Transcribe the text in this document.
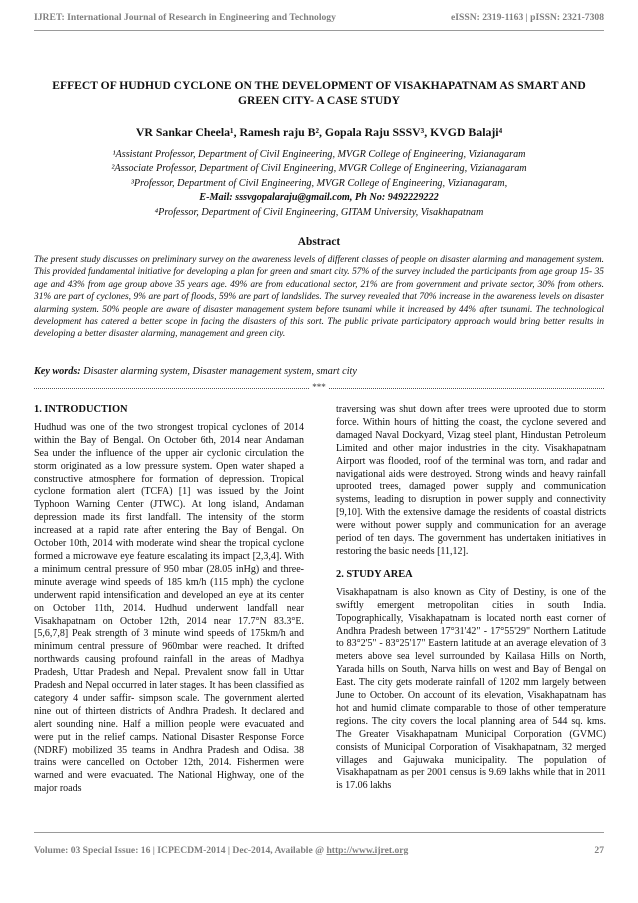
IJRET: International Journal of Research in Engineering and Technology	eISSN: 2319-1163 | pISSN: 2321-7308
EFFECT OF HUDHUD CYCLONE ON THE DEVELOPMENT OF VISAKHAPATNAM AS SMART AND GREEN CITY- A CASE STUDY
VR Sankar Cheela¹, Ramesh raju B², Gopala Raju SSSV³, KVGD Balaji⁴
¹Assistant Professor, Department of Civil Engineering, MVGR College of Engineering, Vizianagaram
²Associate Professor, Department of Civil Engineering, MVGR College of Engineering, Vizianagaram
³Professor, Department of Civil Engineering, MVGR College of Engineering, Vizianagaram,
E-Mail: sssvgopalaraju@gmail.com, Ph No: 9492229222
⁴Professor, Department of Civil Engineering, GITAM University, Visakhapatnam
Abstract
The present study discusses on preliminary survey on the awareness levels of different classes of people on disaster alarming and management system. This provided fundamental initiative for developing a plan for green and smart city. 57% of the survey included the participants from age group 15- 35 age and 43% from age group above 35 years age. 49% are from educational sector, 21% are from government and private sector, 30% from others. 31% are part of cyclones, 9% are part of floods, 59% are part of landslides. The survey revealed that 70% increase in the awareness levels on disaster alarming system. 50% people are aware of disaster management system before tsunami while it increased by 44% after tsunami. The technological development has catered a better scope in facing the disasters of this sort. The public private participatory approach would bring better results in developing a better disaster alarming, management and green city.
Key words: Disaster alarming system, Disaster management system, smart city
***
1. INTRODUCTION

Hudhud was one of the two strongest tropical cyclones of 2014 within the Bay of Bengal. On October 6th, 2014 near Andaman Sea under the influence of the upper air cyclonic circulation the storm originated as a low pressure system. Open water shaped a constructive atmosphere for formation of depression. Tropical cyclone formation alert (TCFA) [1] was issued by the Joint Typhoon Warning Center (JTWC). At long island, Andaman depression made its first landfall. The intensity of the storm increased at a rapid rate after entering the Bay of Bengal. On October 10th, 2014 with moderate wind shear the tropical cyclone formed a microwave eye feature escalating its impact [2,3,4]. With a minimum central pressure of 950 mbar (28.05 inHg) and three-minute average wind speeds of 185 km/h (115 mph) the cyclone underwent rapid intensification and developed an eye at its center on October 11th, 2014. Hudhud underwent landfall near Visakhapatnam on October 12th, 2014 near 17.7°N 83.3°E.[5,6,7,8] Peak strength of 3 minute wind speeds of 175km/h and minimum central pressure of 960mbar were reached. It drifted northwards causing profound rainfall in the areas of Madhya Pradesh, Uttar Pradesh and Nepal. Prevalent snow fall in Uttar Pradesh and Nepal occurred in later stages. It has been classified as category 4 under saffir- simpson scale. The government alerted nine out of thirteen districts of Andhra Pradesh. It declared and alert sounding nine. Half a million people were evacuated and were put in the relief camps. National Disaster Response Force (NDRF) mobilized 35 teams in Andhra Pradesh and Odisa. 38 trains were cancelled on October 12th, 2014. Fishermen were warned and were evacuated. The National Highway, one of the major roads

traversing was shut down after trees were uprooted due to storm force. Within hours of hitting the coast, the cyclone severed and damaged Naval Dockyard, Vizag steel plant, Hindustan Petroleum Limited and other major industries in the city. Visakhapatnam Airport was flooded, roof of the terminal was torn, and radar and navigational aids were destroyed. Strong winds and heavy rainfall uprooted trees, damaged power supply and communication systems, leading to disruption in power supply and connectivity [9,10]. With the extensive damage the residents of coastal districts were without power supply and communication for an average period of ten days. The government has undertaken initiatives in restoring the basic needs [11,12].

2. STUDY AREA

Visakhapatnam is also known as City of Destiny, is one of the swiftly emergent metropolitan cities in south India. Topographically, Visakhapatnam is located north east corner of Andhra Pradesh between 17°31'42" - 17°55'29" Northern Latitude to 83°2'5" - 83°25'17" Eastern latitude at an average elevation of 3 meters above sea level surrounded by Kailasa Hills on North, Yarada hills on South, Narva hills on west and Bay of Bengal on East. The city gets moderate rainfall of 1202 mm largely between June to October. On account of its elevation, Visakhapatnam has hot and humid climate comparable to those of other temperature regions. The city covers the local planning area of 544 sq. kms. The Greater Visakhapatnam Municipal Corporation (GVMC) consists of Municipal Corporation of Visakhapatnam, 32 merged villages and Gajuwaka municipality. The population of Visakhapatnam as per 2001 census is 9.69 lakhs while that in 2011 is 17.06 lakhs

Volume: 03 Special Issue: 16 | ICPECDM-2014 | Dec-2014, Available @ http://www.ijret.org	27
